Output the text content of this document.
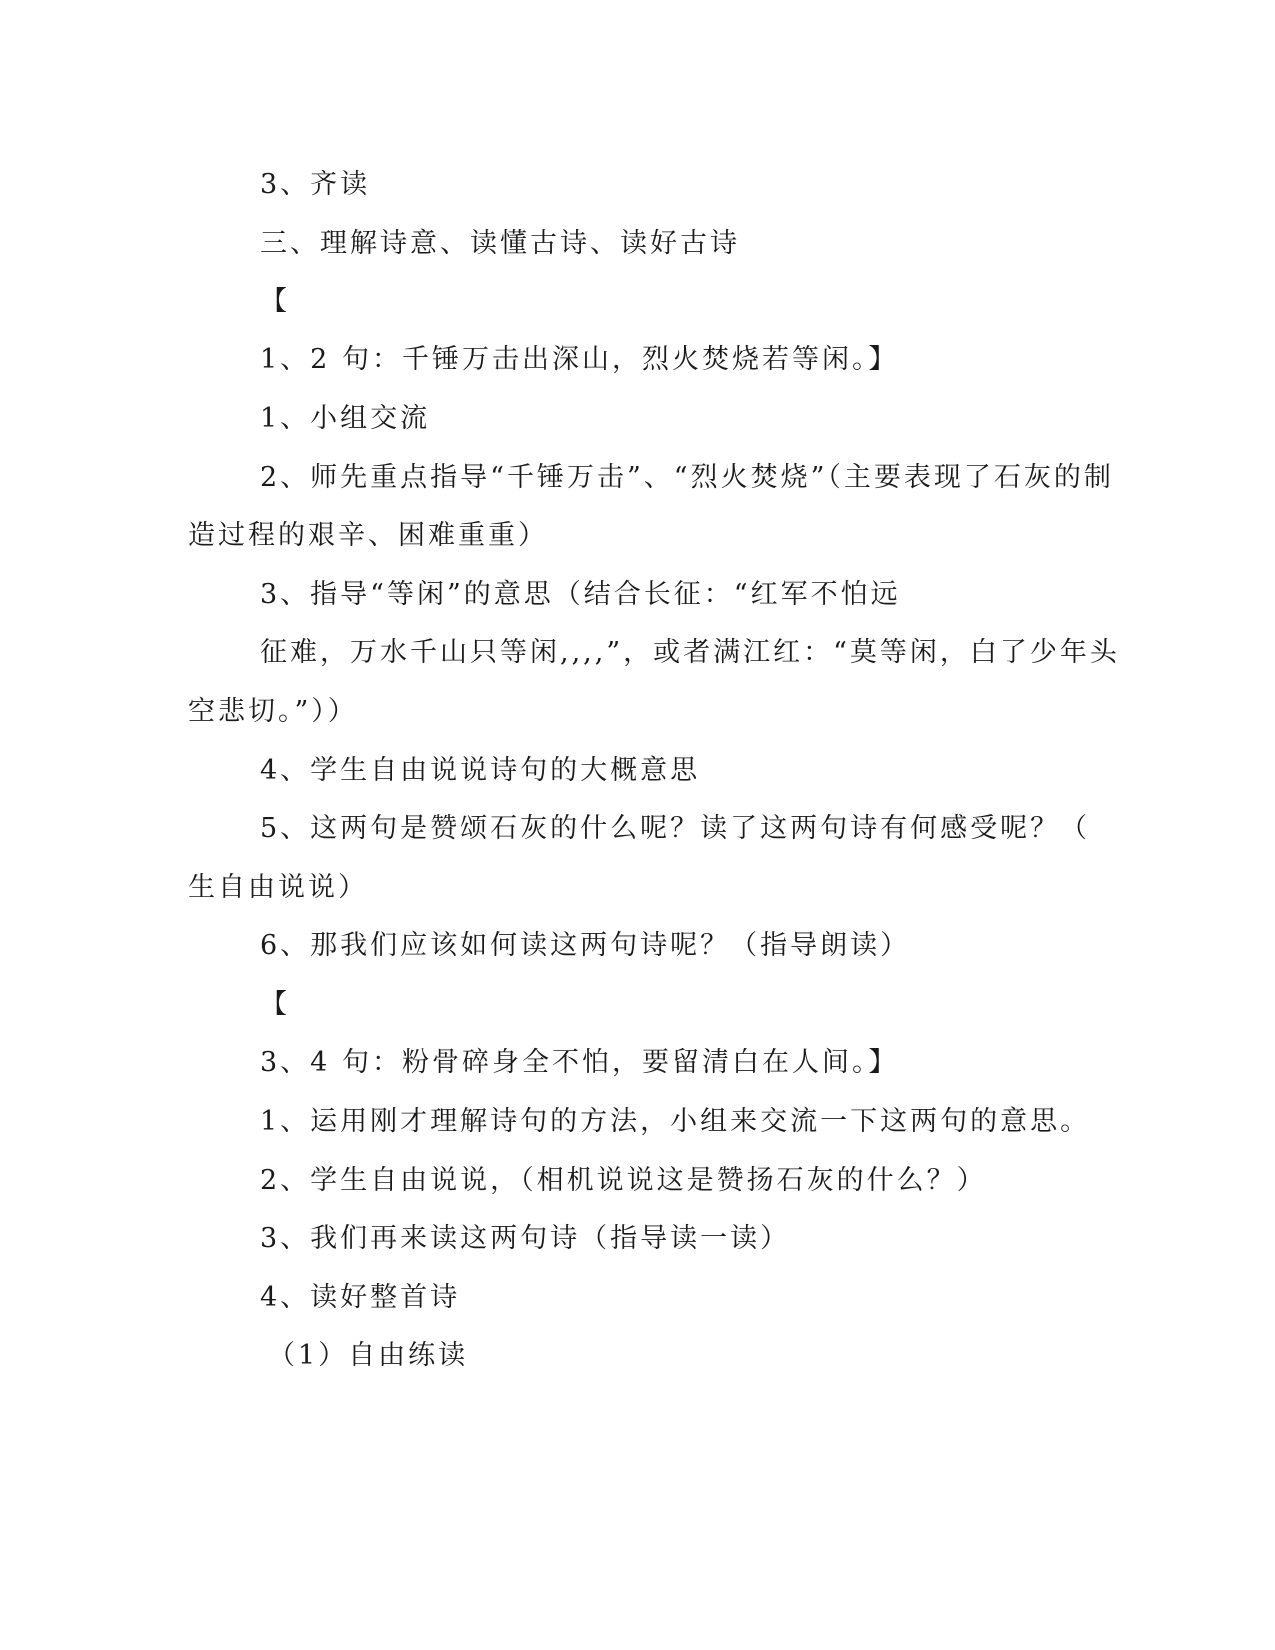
3、齐读
三、理解诗意、读懂古诗、读好古诗
【
1、2 句：千锤万击出深山，烈火焚烧若等闲。】
1、小组交流
2、师先重点指导“千锤万击”、“烈火焚烧”（主要表现了石灰的制
造过程的艰辛、困难重重）
3、指导“等闲”的意思（结合长征：“红军不怕远
征难，万水千山只等闲,,,,”，或者满江红：“莫等闲，白了少年头
空悲切。”））
4、学生自由说说诗句的大概意思
5、这两句是赞颂石灰的什么呢？读了这两句诗有何感受呢？（
生自由说说）
6、那我们应该如何读这两句诗呢？（指导朗读）
【
3、4 句：粉骨碎身全不怕，要留清白在人间。】
1、运用刚才理解诗句的方法，小组来交流一下这两句的意思。
2、学生自由说说，（相机说说这是赞扬石灰的什么？）
3、我们再来读这两句诗（指导读一读）
4、读好整首诗
（1）自由练读
